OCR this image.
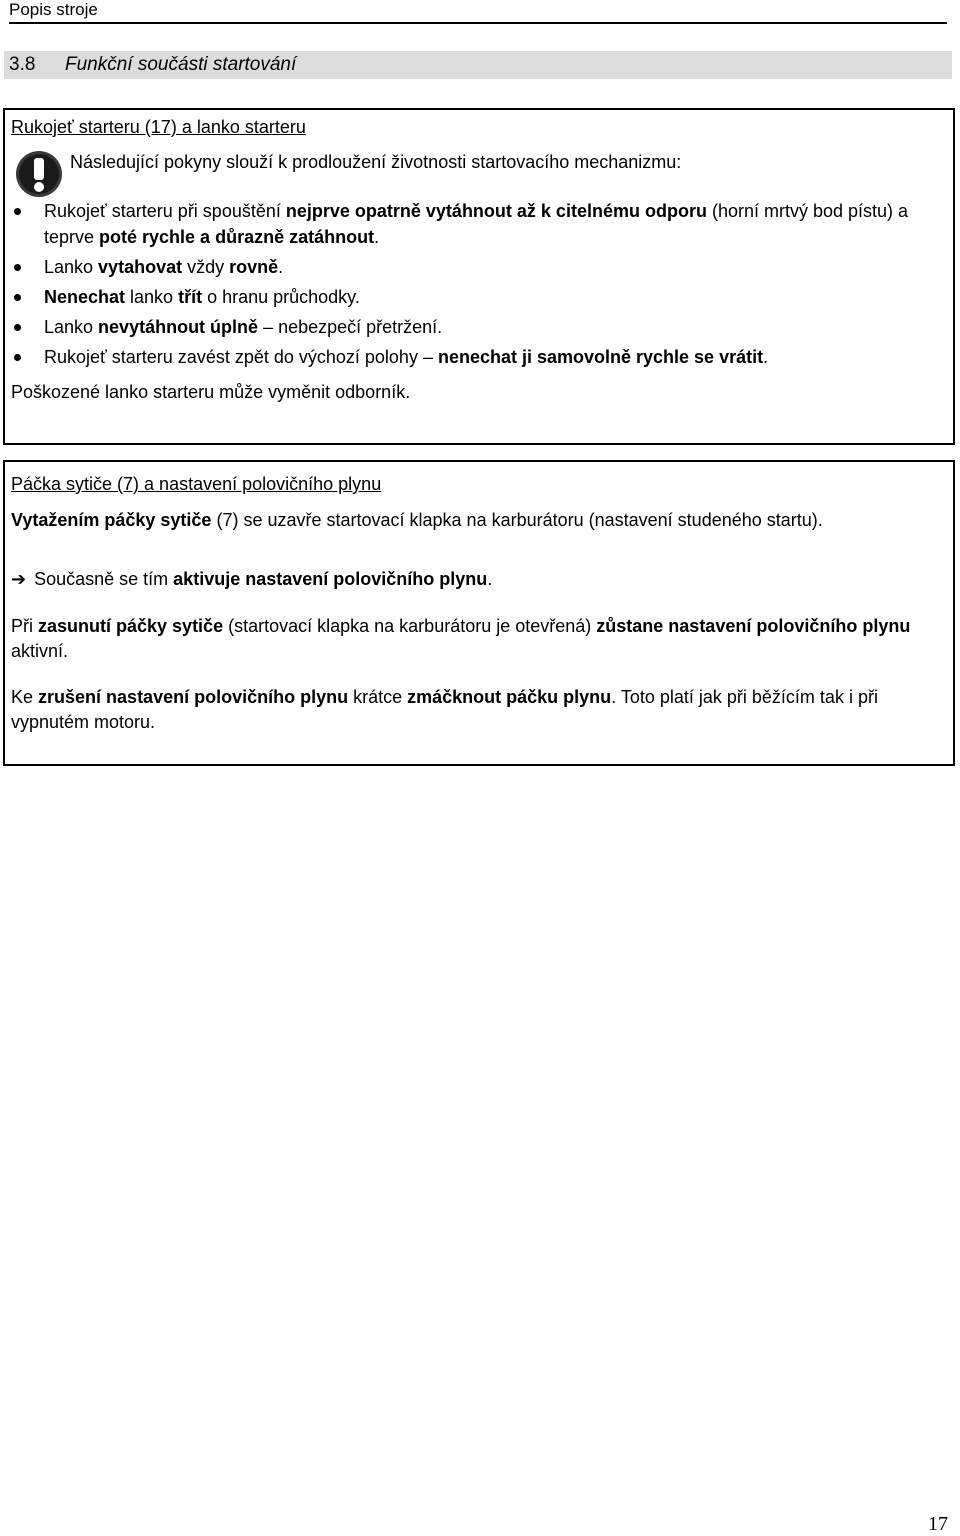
Popis stroje
3.8 Funkční součásti startování
Rukojeť starteru (17) a lanko starteru
Následující pokyny slouží k prodloužení životnosti startovacího mechanizmu:
Rukojeť starteru při spouštění nejprve opatrně vytáhnout až k citelnému odporu (horní mrtvý bod pístu) a teprve poté rychle a důrazně zatáhnout.
Lanko vytahovat vždy rovně.
Nenechat lanko třít o hranu průchodky.
Lanko nevytáhnout úplně – nebezpečí přetržení.
Rukojeť starteru zavést zpět do výchozí polohy – nenechat ji samovolně rychle se vrátit.
Poškozené lanko starteru může vyměnit odborník.
Páčka sytiče (7) a nastavení polovičního plynu
Vytažením páčky sytiče (7) se uzavře startovací klapka na karburátoru (nastavení studeného startu).
➔ Současně se tím aktivuje nastavení polovičního plynu.
Při zasunutí páčky sytiče (startovací klapka na karburátoru je otevřená) zůstane nastavení polovičního plynu aktivní.
Ke zrušení nastavení polovičního plynu krátce zmáčknout páčku plynu. Toto platí jak při běžícím tak i při vypnutém motoru.
17
